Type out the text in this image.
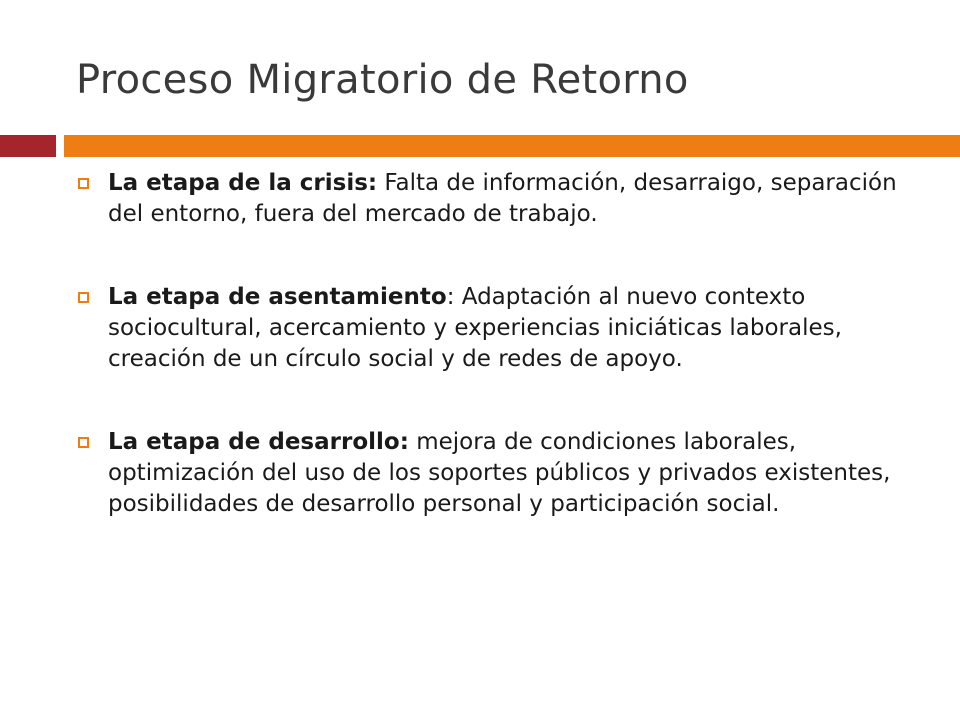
Proceso Migratorio de Retorno
La etapa de la crisis: Falta de información, desarraigo, separación del entorno, fuera del mercado de trabajo.
La etapa de asentamiento: Adaptación al nuevo contexto sociocultural, acercamiento y experiencias iniciáticas laborales, creación de un círculo social y de redes de apoyo.
La etapa de desarrollo: mejora de condiciones laborales, optimización del uso de los soportes públicos y privados existentes, posibilidades de desarrollo personal y participación social.
